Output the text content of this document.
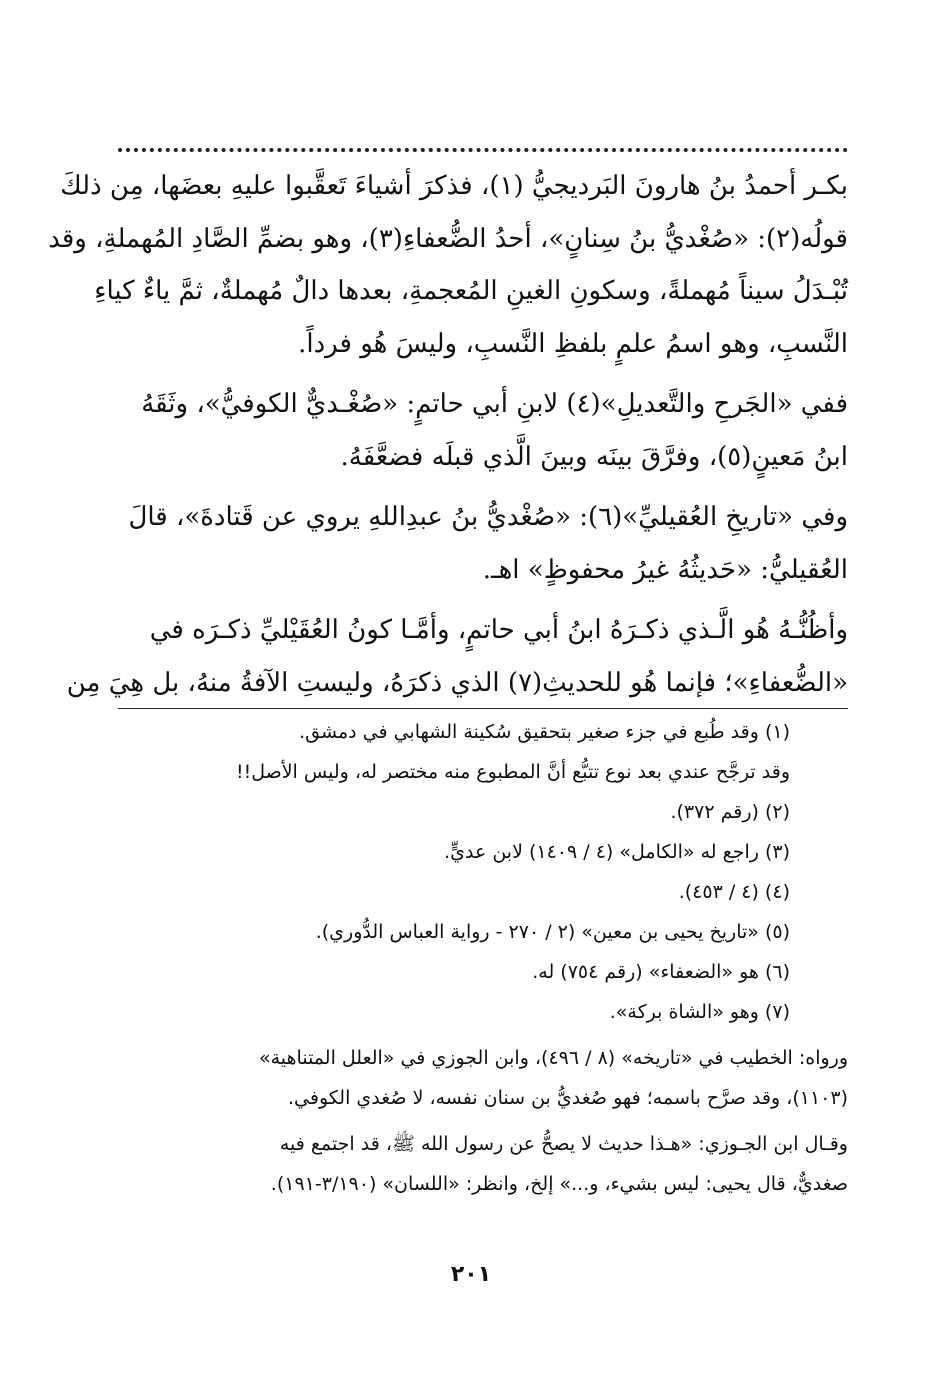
بكـر أحمدُ بنُ هارونَ البَرديجيُّ (١)، فذكرَ أشياءَ تَعقَّبوا عليهِ بعضَها، مِن ذلكَ
قولُه(٢): «صُغْديُّ بنُ سِنانٍ»، أحدُ الضُّعفاءِ(٣)، وهو بضمِّ الصَّادِ المُهملةِ، وقد
تُبْـدَلُ سيناً مُهملةً، وسكونِ الغينِ المُعجمةِ، بعدها دالٌ مُهملةٌ، ثمَّ ياءٌ كياءِ
النَّسبِ، وهو اسمُ علمٍ بلفظِ النَّسبِ، وليسَ هُو فرداً.
ففي «الجَرحِ والتَّعديلِ»(٤) لابنِ أبي حاتمٍ: «صُغْـديٌّ الكوفيُّ»، وثَقَهُ
ابنُ مَعينٍ(٥)، وفرَّقَ بينَه وبينَ الَّذي قبلَه فضعَّفَهُ.
وفي «تاريخِ العُقيليِّ»(٦): «صُغْديُّ بنُ عبدِاللهِ يروي عن قَتادةَ»، قالَ
العُقيليُّ: «حَديثُهُ غيرُ محفوظٍ» اهـ.
وأظُنُّـهُ هُو الَّـذي ذكـرَهُ ابنُ أبي حاتمٍ، وأمَّـا كونُ العُقَيْليِّ ذكـرَه في
«الضُّعفاءِ»؛ فإنما هُو للحديثِ(٧) الذي ذكرَهُ، وليستِ الآفةُ منهُ، بل هِيَ مِن
(١) وقد طُبع في جزء صغير بتحقيق سُكينة الشهابي في دمشق.
وقد ترجَّح عندي بعد نوع تتبُّع أنَّ المطبوع منه مختصر له، وليس الأصل!!
(٢) (رقم ٣٧٢).
(٣) راجع له «الكامل» (٤ / ١٤٠٩) لابن عديٍّ.
(٤) (٤ / ٤٥٣).
(٥) «تاريخ يحيى بن معين» (٢ / ٢٧٠ - رواية العباس الدُّوري).
(٦) هو «الضعفاء» (رقم ٧٥٤) له.
(٧) وهو «الشاة بركة».
ورواه: الخطيب في «تاريخه» (٨ / ٤٩٦)، وابن الجوزي في «العلل المتناهية»
(١١٠٣)، وقد صرَّح باسمه؛ فهو صُغديُّ بن سنان نفسه، لا صُغدي الكوفي.
وقـال ابن الجـوزي: «هـذا حديث لا يصحُّ عن رسول الله ﷺ، قد اجتمع فيه
صغديٌّ، قال يحيى: ليس بشيء، و...» إلخ، وانظر: «اللسان» (٣/١٩٠-١٩١).
٢٠١
